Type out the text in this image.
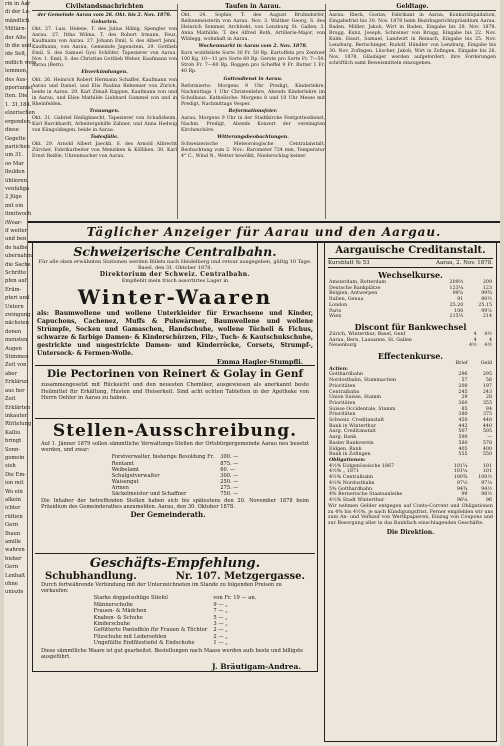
rin in Aar
di der Le-
mändlich
Miltärn-
der Alte
ib die und
ide Selt,
mdlich weis
lemmen,
des Aus-
pportunist
lten. Die
1. 31,184.
elzerischen
ergenden,
diese
Gegette
pariichen
um 31.
oo Mar
lbulden
ühlieren
venfaliga
2 Jüge
mit ein
itmitwoch
iWoar-
if weiter
und ben
de halbe
ubernahm
die Sache
Schritte
pfen auf
Erüm-
pteri und
Untern
zwingung
nächsten
donen
mensten
Augen
Stimmen
Zeit von
aber
Erklärun
aus her
Zeit
Erklärten
inkauter
Rüttelung
Kalliu
bringt
Sonn-
gemein
sieh
Die Em-
ion mit
Wo ein
alkein
ichter
rüthen
Gern
Ihaun
amille
wahren
bisher
Gern
Lenhalt
ohne
uniszle
Civilstandsnachrichten
der Gemeinde Aarau vom 26. Okt. bis 2. Nov. 1878.
Geburten.

Okt. 27. Luis, Helene, T. des Julius Hähig, Spengler von Aarau. 27. Ittha Wilma, T. des Robert Irmann, Feuz, Kaufmann von Aarau. 27. Johann Emil, S. des Albert Jenni, Kaufmann, von Aarau, Gemeinde Jagenstein. 29. Gottlieb Emil, S. des Samuel Gysi Schlöfer, Tapezierer von Aarau. Nov. 1. Emil, S. des Christian Gottlieb Weber, Kaufmann von Aarau (Bern).

Ehverkündungen.

Okt. 26. Heinrich Robert Hermann Schaffer, Kaufmann von Aarau und Daniel, und Elis Paulina Rebemier von Zürich, beide in Aarau. 29. Karl Zimaß Rappen, Kaufmann von und in Aarau, und Elise Mathilde Liebhard Gummel von und in Rheinfelden.

Trauungen.

Okt. 31. Gabriel Heiligknecht, Tapezierer von Schafisheim, Karl Burckhardt, Arbeitergehilfe Zahner, und Anna Hedwig von Küngoldingen, beide in Aarau.

Todesfälle.

Okt. 29. Arnold Albert Jaeckli, S. des Arnold Albrecht Zürcher, Fabrikarbeiter von Menziken & Kölliken. 30. Karl Ernst Reißle, Uhrenmacher von Aarau.

Taufen in Aarau.

Okt. 24. Sophie, T. des August Bruhndorfer, Reihenmeisterin von Aarau. Nov. 3. Walther Georg, S. des Heinrich Sommer, Architekt, von Lenzburg St. Gallen. 3. Anna Mathilde, T. des Alfred Roth, Artillerie-Major, von Wildegg, wohnhaft in Aarau.

Wochenmarkt in Aarau vom 2. Nov. 1878.

Korn wohlfeilste Sorte 30 Fr. 50 Rp. Kartoffeln pro Zentner 100 Kg. 10—11 pro Sorte 60 Rp. Gerste pro Sorte Fr. 7—50. Stroh Fr. 7—60 Rp. Roggen pro Scheffel 9 Fr. Butter 1 Fr. 40 Rp.

Gottesdienst in Aarau.

Reformierte: Morgens 9 Uhr Predigt, Kinderlehre, Nachmittags 1 Uhr Christenlehre, Abends Kinderlehre im Schulhaus. Katholische: Morgens 8 und 10 Uhr Messe mit Predigt, Nachmittags Vesper.

Reformationsfeier.

Aarau, Morgens 9 Uhr in der Stadtkirche Festgottesdienst, Nachm. Predigt, Abends Konzert der vereinigten Kirchenchöre.

Witterungsbeobachtungen.

Schweizerische Meteorologische Centralanstalt, Beobachtung vom 2. Nov.: Barometer 724 mm, Temperatur 4° C., Wind N., Wetter bewölkt, Niederschlag keiner.

Geldtage.

Aarau. Rieck, Gustav, Fabrikant in Aarau, Konkursliquidation, Eingabefrist bis 30. Nov. 1878 beim Bezirksgerichtspräsidium Aarau. Baden. Müller, Jakob, Wirt in Baden, Eingabe bis 28. Nov. 1878. Brugg. Kunz, Joseph, Schreiner von Brugg, Eingabe bis 22. Nov. Kulm. Hauri, Samuel, Landwirt in Reinach, Eingabe bis 25. Nov. Lenzburg. Bertschinger, Rudolf, Händler von Lenzburg, Eingabe bis 30. Nov. Zofingen. Lüscher, Jakob, Wirt in Zofingen, Eingabe bis 26. Nov. 1878. Gläubiger werden aufgefordert, ihre Forderungen schriftlich samt Beweismitteln einzugeben.

Täglicher Anzeiger für Aarau und den Aargau.
Schweizerische Centralbahn.
Für alle oben erwähnten Stationen werden Billets nach Heidelberg und retour ausgegeben, gültig 10 Tage.
Basel, den 31. Oktober 1878.
Direktorium der Schweiz. Centralbahn.
Empfiehlt mein frisch assortirtes Lager in
Winter-Waaren
als: Baumwollene und wollene Unterkleider für Erwachsene und Kinder, Capuchons, Cachenez, Muffs & Pulswärmer, Baumwollene und wollene Strümpfe, Socken und Gamaschen, Handschuhe, wollene Tücheli & Fichus, schwarze & farbige Damen- & Kinderschürzen, Filz-, Tuch- & Kautschukschuhe, gestrickte und ungestrickte Damen- und Kinderröcke, Corsets, Strumpf-, Untersock- & Fermen-Wolle.
Emma Hagler-Stumpfli.
Die Pectorinen von Reinert & Golay in Genf
zusammengesetzt mit Rücksicht und den neuesten Chemiker, ausgewiesen als anerkannt beste Heilmittel für Erkältung, Husten und Heiserkeit. Sind acht echten Tabletten in der Apotheke von Herrn Oehler in Aarau zu haben.
Stellen-Ausschreibung.
Auf 1. Jänner 1879 sollen sämmtliche Verwaltungs-Stellen der Ortsbürgergemeinde Aarau neu besetzt werden, und zwar:
Forstverwalter, bisherige Besoldung Fr.	300. —
Rentamt	875. —
Weibelamt	60. —
Schulgutverwalter	300. —
Waisengut	250. —
Armen	275. —
Säckelmeister und Schaffner	750. —
Die Inhaber der betreffenden Stellen haben sich bis spätestens den 20. November 1878 beim Präsidium des Gemeinderathes anzumelden. Aarau, den 30. Oktober 1878.
Der Gemeinderath.
Geschäfts-Empfehlung.
Schubhandlung.	Nr. 107. Metzgergasse.
Durch fortwährende Verbindung mit der Unterzeichneten im Stande zu folgenden Preisen zu verkaufen:
Starke doppelsohlige Stiefel	von Fr. 19 — an.
Männerschuhe	9 — „
Frauen- & Mädchen	7 — „
Knaben- & Schuhe	5 — „
Kinderschuhe	3 — „
Gefütterte Pantoffeln für Frauen & Töchter	2 — „
Filzschuhe mit Ledersohlen	2 — „
Ungefüllte Endfilzstiefel & Endschuhe	1 — „
Diese sämmtliche Waare ist gut gearbeitet. Bestellungen nach Maass werden aufs beste und billigste ausgeführt.
J. Bräutigam-Andrea.
Aargauische Creditanstalt.
Kursblatt № 53	Aarau, 2. Nov. 1878.
Wechselkurse.
Amsterdam, Rotterdam	209½	209
Deutsche Bankplätze	123¼	123
Belgien, Antwerpen	99⅞	99¾
Italien, Genua	91	90½
London	25.20	25.15
Paris	100	99⅞
Wien	215½	214
Discont für Bankwechsel
Zürich, Winterthur, Basel, Genf	4	4½
Aarau, Bern, Lausanne, St. Gallen	4	4
Neuenburg	4½	4½
Effectenkurse.
	Brief	Geld
Actien:		
Gotthardbahn	296	295
Nordostbahn, Stammactien	57	56
Prioritäten	200	197
Centralbahn	245	243
Union Suisse, Stamm	29	28
Prioritäten	360	355
Suisse Occidentale, Stamm	85	84
Prioritäten	380	375
Schweiz. Creditanstalt	450	448
Bank in Winterthur	442	440
Aarg. Creditanstalt	507	505
Aarg. Bank	590	—
Basler Bankverein	580	578
Eidgen. Bank	405	400
Bank in Zofingen	555	550
Obligationen:		
4½% Eidgenössische 1867	101¼	101
4½% „ 1871	101¼	101
4½% Centralbahn	100¾	100½
4½% Nordostbahn	97½	97¼
5% Gotthardbahn	94¾	94½
4% Bernerische Staatsanleihe	99	98½
4½% Stadt Winterthur	96¼	96
Wir nehmen Gelder entgegen auf Conto-Corrent und Obligationen zu 4% bis 4½%, je nach Kündigungsfrist. Ferner empfehlen wir uns zum An- und Verkauf von Werthpapieren, Einzug von Coupons und zur Besorgung aller in das Bankfach einschlagenden Geschäfte.
Die Direktion.
